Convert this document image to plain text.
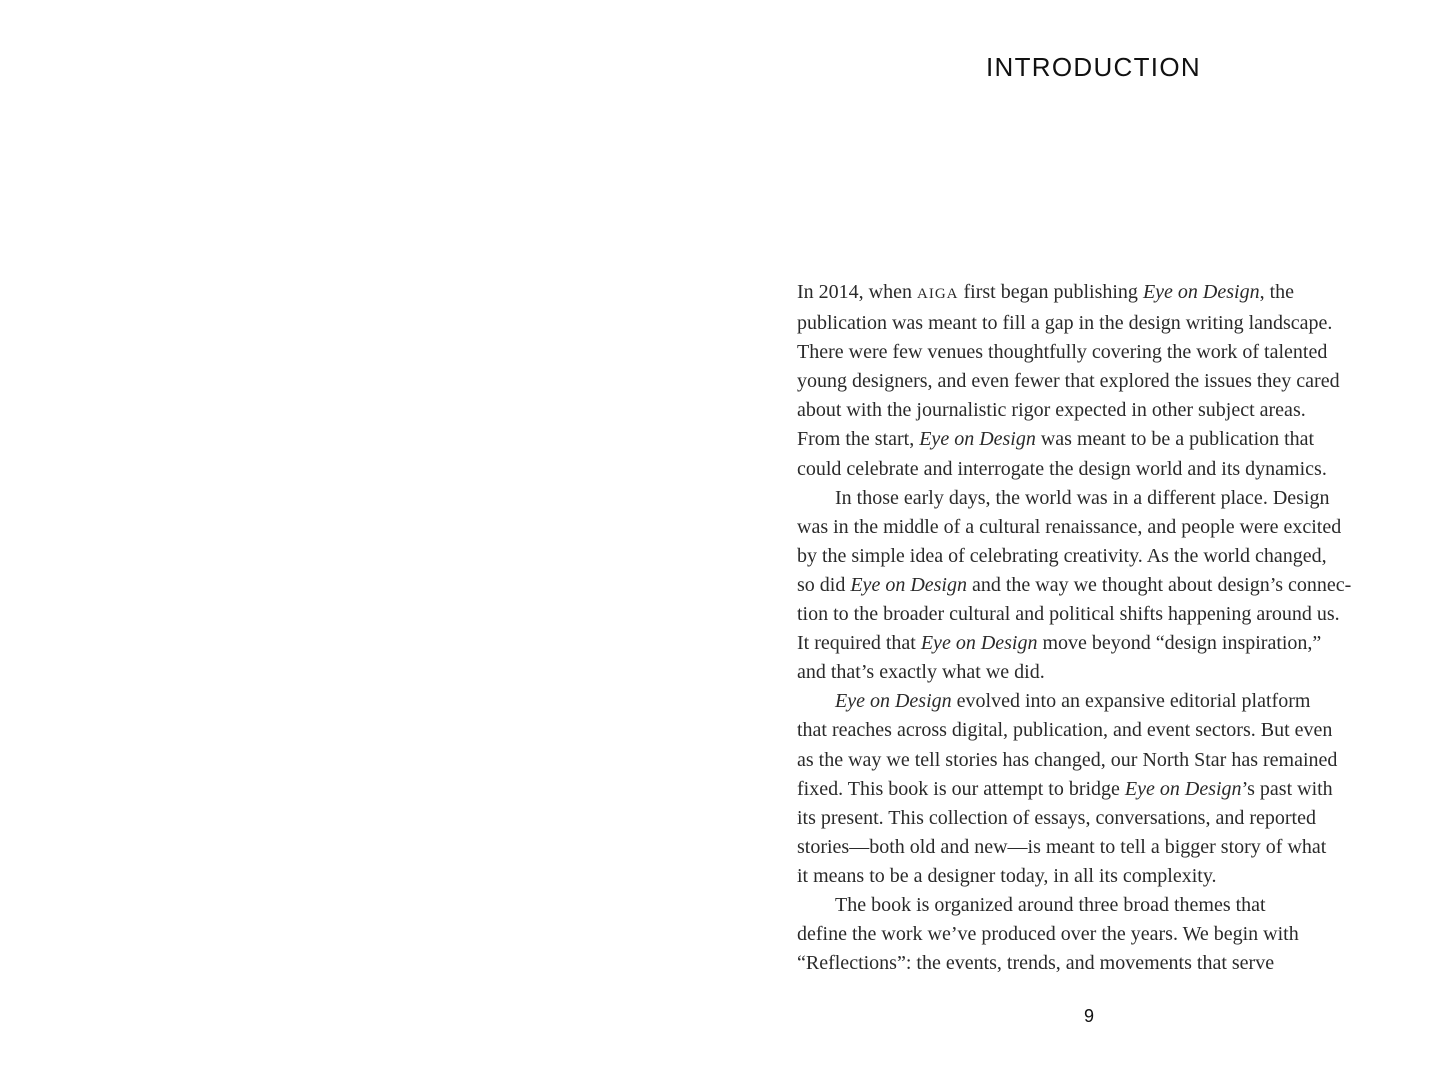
INTRODUCTION
In 2014, when AIGA first began publishing Eye on Design, the
publication was meant to fill a gap in the design writing landscape.
There were few venues thoughtfully covering the work of talented
young designers, and even fewer that explored the issues they cared
about with the journalistic rigor expected in other subject areas.
From the start, Eye on Design was meant to be a publication that
could celebrate and interrogate the design world and its dynamics.
In those early days, the world was in a different place. Design
was in the middle of a cultural renaissance, and people were excited
by the simple idea of celebrating creativity. As the world changed,
so did Eye on Design and the way we thought about design’s connec-
tion to the broader cultural and political shifts happening around us.
It required that Eye on Design move beyond “design inspiration,”
and that’s exactly what we did.
Eye on Design evolved into an expansive editorial platform
that reaches across digital, publication, and event sectors. But even
as the way we tell stories has changed, our North Star has remained
fixed. This book is our attempt to bridge Eye on Design’s past with
its present. This collection of essays, conversations, and reported
stories—both old and new—is meant to tell a bigger story of what
it means to be a designer today, in all its complexity.
The book is organized around three broad themes that
define the work we’ve produced over the years. We begin with
“Reflections”: the events, trends, and movements that serve
9
